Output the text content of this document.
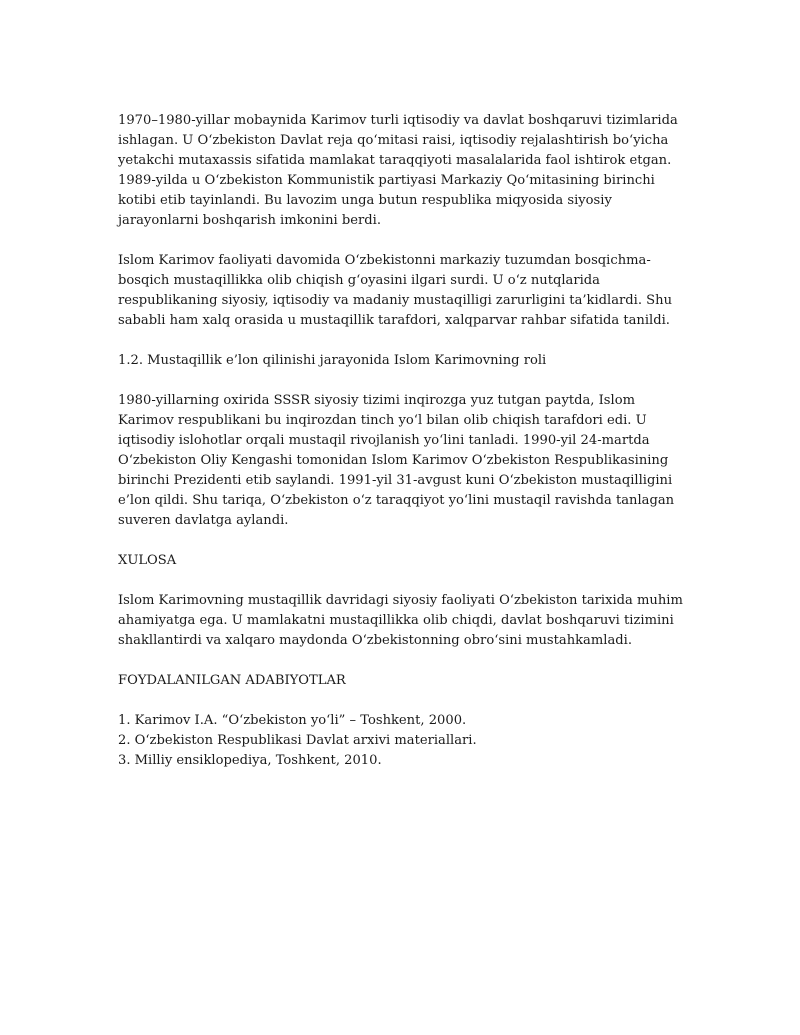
1970–1980-yillar mobaynida Karimov turli iqtisodiy va davlat boshqaruvi tizimlarida ishlagan. U O‘zbekiston Davlat reja qo‘mitasi raisi, iqtisodiy rejalashtirish bo‘yicha yetakchi mutaxassis sifatida mamlakat taraqqiyoti masalalarida faol ishtirok etgan. 1989-yilda u O‘zbekiston Kommunistik partiyasi Markaziy Qo‘mitasining birinchi kotibi etib tayinlandi. Bu lavozim unga butun respublika miqyosida siyosiy jarayonlarni boshqarish imkonini berdi.

Islom Karimov faoliyati davomida O‘zbekistonni markaziy tuzumdan bosqichma-bosqich mustaqillikka olib chiqish g‘oyasini ilgari surdi. U o‘z nutqlarida respublikaning siyosiy, iqtisodiy va madaniy mustaqilligi zarurligini ta’kidlardi. Shu sababli ham xalq orasida u mustaqillik tarafdori, xalqparvar rahbar sifatida tanildi.

1.2. Mustaqillik e’lon qilinishi jarayonida Islom Karimovning roli

1980-yillarning oxirida SSSR siyosiy tizimi inqirozga yuz tutgan paytda, Islom Karimov respublikani bu inqirozdan tinch yo‘l bilan olib chiqish tarafdori edi. U iqtisodiy islohotlar orqali mustaqil rivojlanish yo‘lini tanladi. 1990-yil 24-martda O‘zbekiston Oliy Kengashi tomonidan Islom Karimov O‘zbekiston Respublikasining birinchi Prezidenti etib saylandi. 1991-yil 31-avgust kuni O‘zbekiston mustaqilligini e’lon qildi. Shu tariqa, O‘zbekiston o‘z taraqqiyot yo‘lini mustaqil ravishda tanlagan suveren davlatga aylandi.

XULOSA

Islom Karimovning mustaqillik davridagi siyosiy faoliyati O‘zbekiston tarixida muhim ahamiyatga ega. U mamlakatni mustaqillikka olib chiqdi, davlat boshqaruvi tizimini shakllantirdi va xalqaro maydonda O‘zbekistonning obro‘sini mustahkamladi.

FOYDALANILGAN ADABIYOTLAR

1. Karimov I.A. “O‘zbekiston yo‘li” – Toshkent, 2000.
2. O‘zbekiston Respublikasi Davlat arxivi materiallari.
3. Milliy ensiklopediya, Toshkent, 2010.
